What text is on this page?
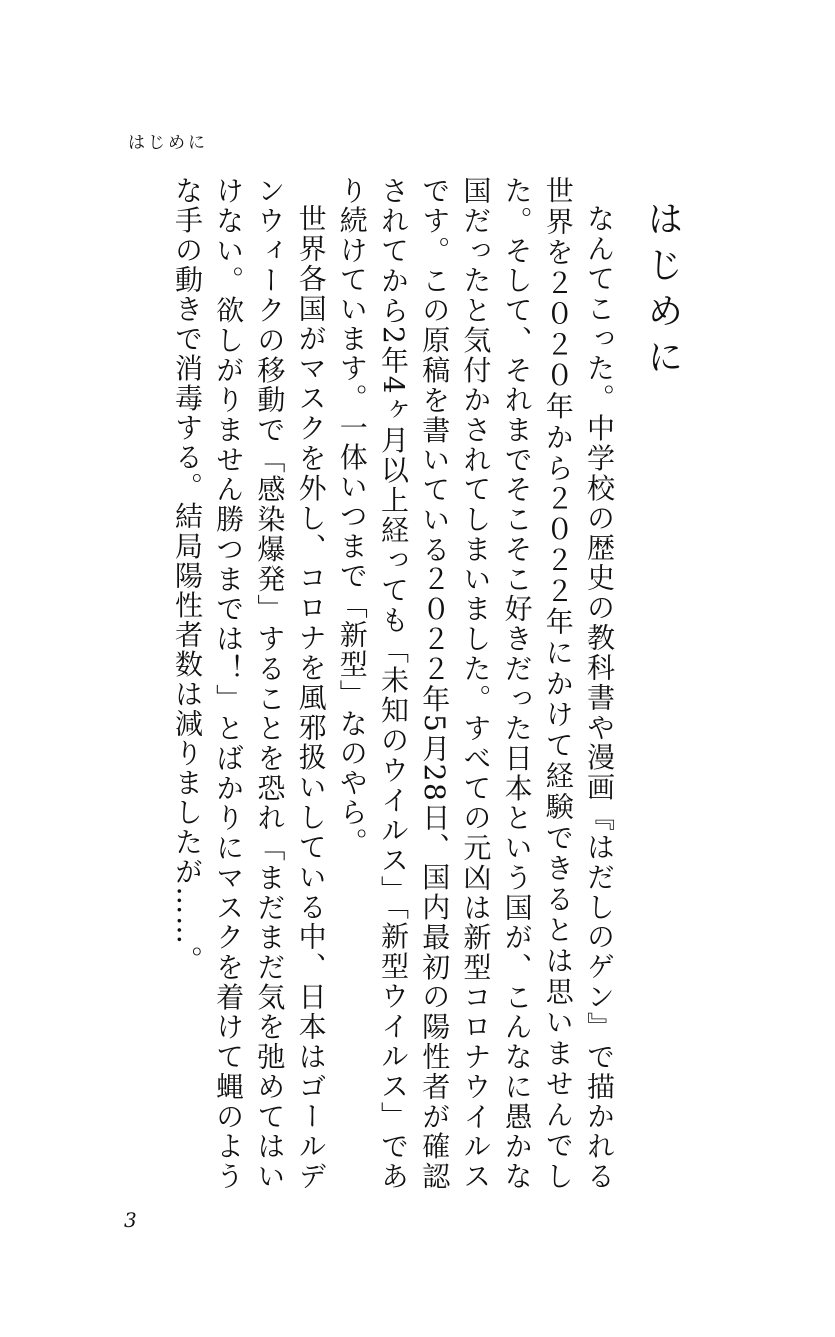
はじめに
はじめに

なんてこった。中学校の歴史の教科書や漫画『はだしのゲン』で描かれる世界を２０２０年から２０２２年にかけて経験できるとは思いませんでした。そして、それまでそこそこ好きだった日本という国が、こんなに愚かな国だったと気付かされてしまいました。すべての元凶は新型コロナウイルスです。この原稿を書いている２０２２年5月28日、国内最初の陽性者が確認されてから2年4ヶ月以上経っても「未知のウイルス」「新型ウイルス」であり続けています。一体いつまで「新型」なのやら。

世界各国がマスクを外し、コロナを風邪扱いしている中、日本はゴールデンウィークの移動で「感染爆発」することを恐れ「まだまだ気を弛めてはいけない。欲しがりません勝つまでは！」とばかりにマスクを着けて蝿のような手の動きで消毒する。結局陽性者数は減りましたが……。

3
